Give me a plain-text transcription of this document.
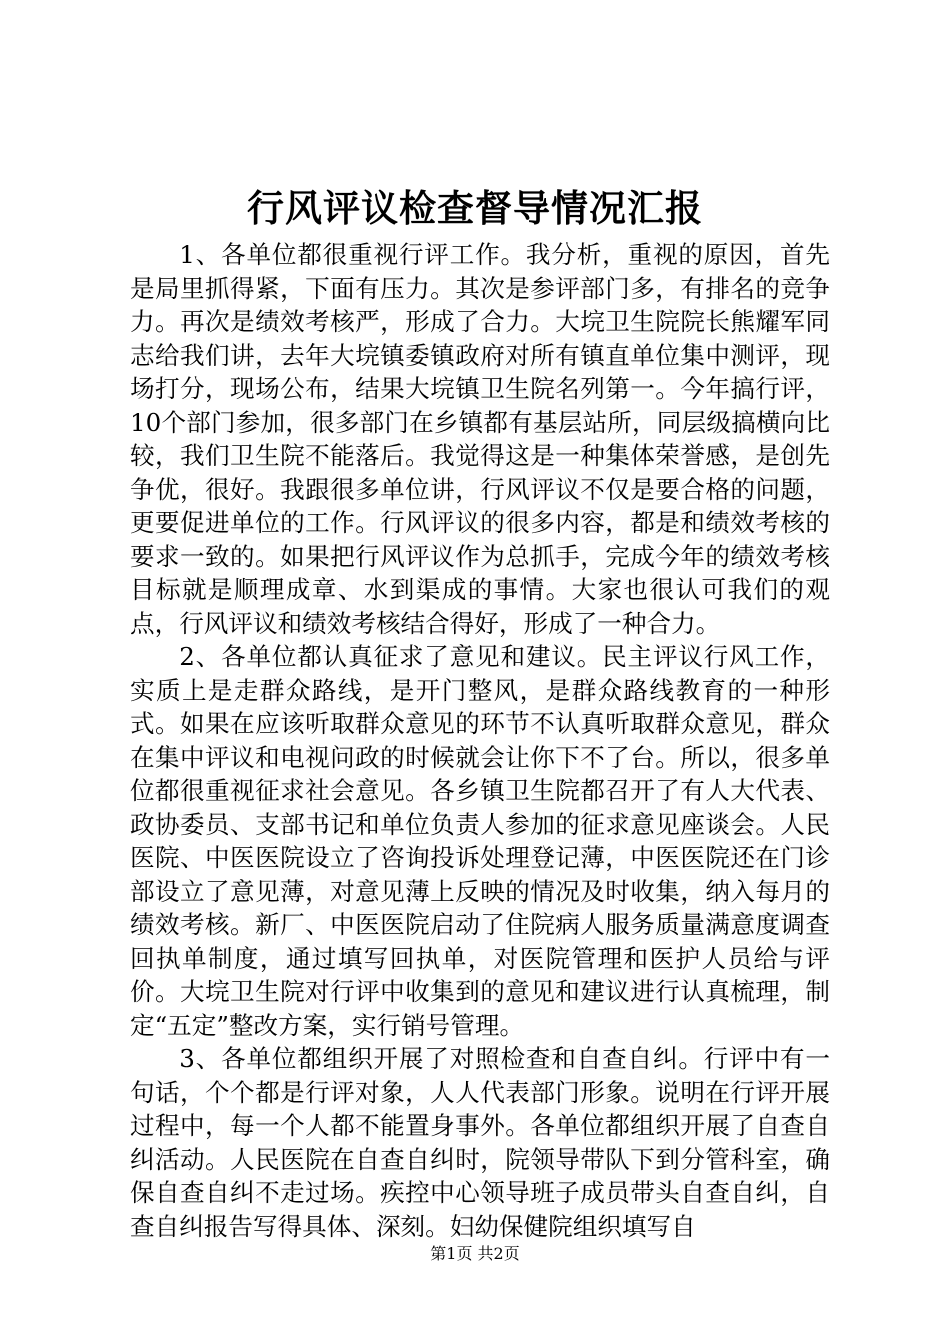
行风评议检查督导情况汇报

1、各单位都很重视行评工作。我分析，重视的原因，首先是局里抓得紧，下面有压力。其次是参评部门多，有排名的竞争力。再次是绩效考核严，形成了合力。大垸卫生院院长熊耀军同志给我们讲，去年大垸镇委镇政府对所有镇直单位集中测评，现场打分，现场公布，结果大垸镇卫生院名列第一。今年搞行评，10个部门参加，很多部门在乡镇都有基层站所，同层级搞横向比较，我们卫生院不能落后。我觉得这是一种集体荣誉感，是创先争优，很好。我跟很多单位讲，行风评议不仅是要合格的问题，更要促进单位的工作。行风评议的很多内容，都是和绩效考核的要求一致的。如果把行风评议作为总抓手，完成今年的绩效考核目标就是顺理成章、水到渠成的事情。大家也很认可我们的观点，行风评议和绩效考核结合得好，形成了一种合力。

2、各单位都认真征求了意见和建议。民主评议行风工作，实质上是走群众路线，是开门整风，是群众路线教育的一种形式。如果在应该听取群众意见的环节不认真听取群众意见，群众在集中评议和电视问政的时候就会让你下不了台。所以，很多单位都很重视征求社会意见。各乡镇卫生院都召开了有人大代表、政协委员、支部书记和单位负责人参加的征求意见座谈会。人民医院、中医医院设立了咨询投诉处理登记薄，中医医院还在门诊部设立了意见薄，对意见薄上反映的情况及时收集，纳入每月的绩效考核。新厂、中医医院启动了住院病人服务质量满意度调查回执单制度，通过填写回执单，对医院管理和医护人员给与评价。大垸卫生院对行评中收集到的意见和建议进行认真梳理，制定“五定”整改方案，实行销号管理。

3、各单位都组织开展了对照检查和自查自纠。行评中有一句话，个个都是行评对象，人人代表部门形象。说明在行评开展过程中，每一个人都不能置身事外。各单位都组织开展了自查自纠活动。人民医院在自查自纠时，院领导带队下到分管科室，确保自查自纠不走过场。疾控中心领导班子成员带头自查自纠，自查自纠报告写得具体、深刻。妇幼保健院组织填写自

第1页 共2页
